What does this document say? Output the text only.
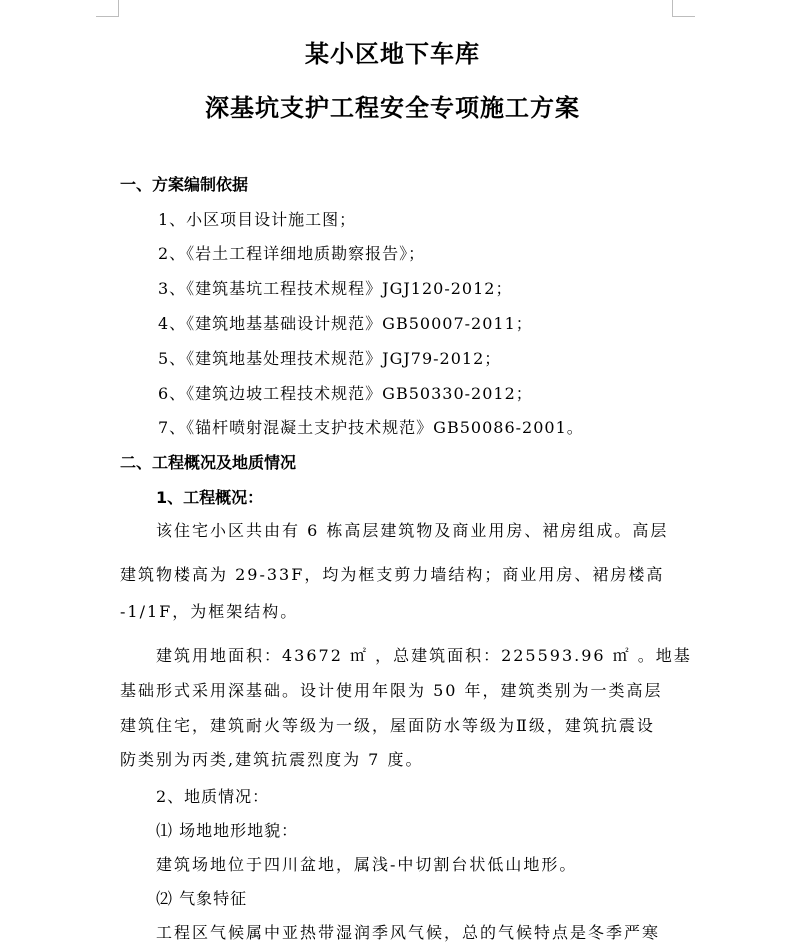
某小区地下车库
深基坑支护工程安全专项施工方案
一、方案编制依据
1、小区项目设计施工图；
2、《岩土工程详细地质勘察报告》；
3、《建筑基坑工程技术规程》JGJ120-2012；
4、《建筑地基基础设计规范》GB50007-2011；
5、《建筑地基处理技术规范》JGJ79-2012；
6、《建筑边坡工程技术规范》GB50330-2012；
7、《锚杆喷射混凝土支护技术规范》GB50086-2001。
二、工程概况及地质情况
1、工程概况：
该住宅小区共由有 6 栋高层建筑物及商业用房、裙房组成。高层
建筑物楼高为 29-33F，均为框支剪力墙结构；商业用房、裙房楼高
-1/1F，为框架结构。
建筑用地面积：43672 ㎡ ，总建筑面积：225593.96 ㎡ 。地基
基础形式采用深基础。设计使用年限为 50 年，建筑类别为一类高层
建筑住宅，建筑耐火等级为一级，屋面防水等级为Ⅱ级，建筑抗震设
防类别为丙类,建筑抗震烈度为 7 度。
2、地质情况：
⑴ 场地地形地貌：
建筑场地位于四川盆地，属浅-中切割台状低山地形。
⑵ 气象特征
工程区气候属中亚热带湿润季风气候，总的气候特点是冬季严寒
